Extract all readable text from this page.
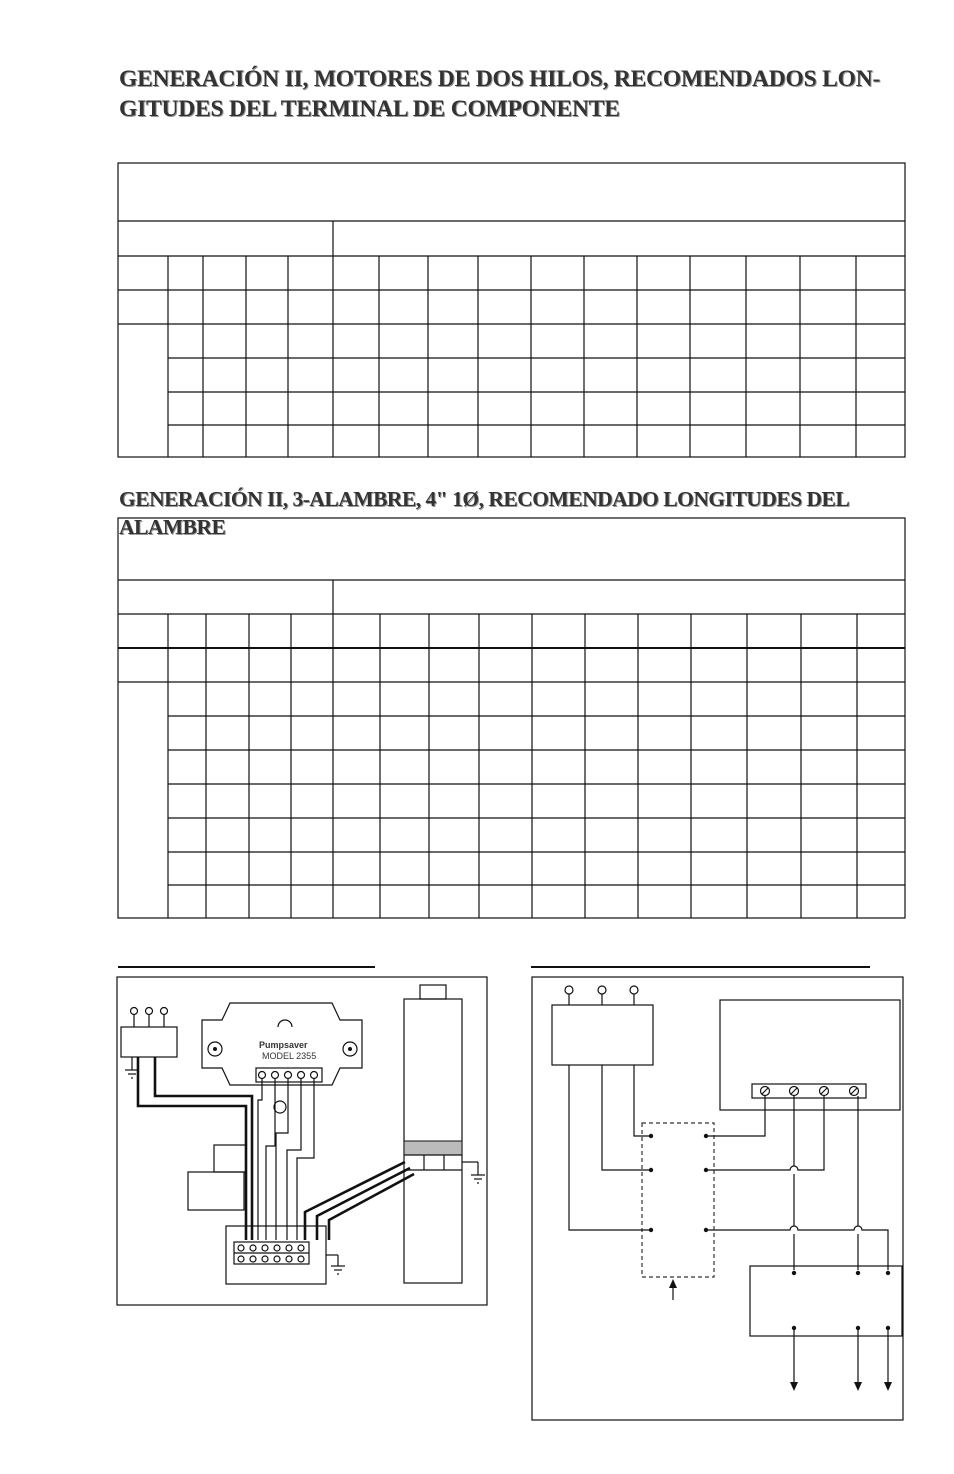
GENERACIÓN II, MOTORES DE DOS HILOS, RECOMENDADOS LON-
GITUDES DEL TERMINAL DE COMPONENTE
GENERACIÓN II, 3-ALAMBRE, 4" 1Ø, RECOMENDADO LONGITUDES DEL ALAMBRE
Pumpsaver
MODEL 2355
